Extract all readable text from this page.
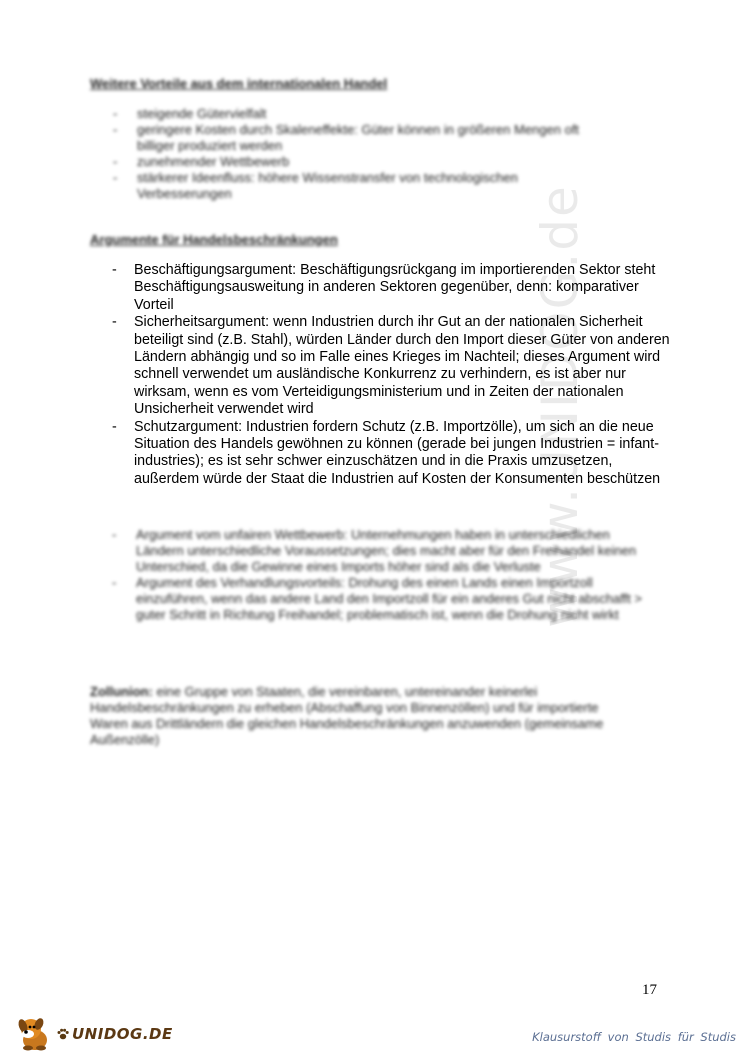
www.UNIDOG.de
Weitere Vorteile aus dem internationalen Handel
- steigende Gütervielfalt
- geringere Kosten durch Skaleneffekte: Güter können in größeren Mengen oft billiger produziert werden
- zunehmender Wettbewerb
- stärkerer Ideenfluss: höhere Wissenstransfer von technologischen Verbesserungen
Argumente für Handelsbeschränkungen
- Beschäftigungsargument: Beschäftigungsrückgang im importierenden Sektor steht Beschäftigungsausweitung in anderen Sektoren gegenüber, denn: komparativer Vorteil
- Sicherheitsargument: wenn Industrien durch ihr Gut an der nationalen Sicherheit beteiligt sind (z.B. Stahl), würden Länder durch den Import dieser Güter von anderen Ländern abhängig und so im Falle eines Krieges im Nachteil; dieses Argument wird schnell verwendet um ausländische Konkurrenz zu verhindern, es ist aber nur wirksam, wenn es vom Verteidigungsministerium und in Zeiten der nationalen Unsicherheit verwendet wird
- Schutzargument: Industrien fordern Schutz (z.B. Importzölle), um sich an die neue Situation des Handels gewöhnen zu können (gerade bei jungen Industrien = infant-industries); es ist sehr schwer einzuschätzen und in die Praxis umzusetzen, außerdem würde der Staat die Industrien auf Kosten der Konsumenten beschützen
- Argument vom unfairen Wettbewerb: Unternehmungen haben in unterschiedlichen Ländern unterschiedliche Voraussetzungen; dies macht aber für den Freihandel keinen Unterschied, da die Gewinne eines Imports höher sind als die Verluste
- Argument des Verhandlungsvorteils: Drohung des einen Lands einen Importzoll einzuführen, wenn das andere Land den Importzoll für ein anderes Gut nicht abschafft > guter Schritt in Richtung Freihandel; problematisch ist, wenn die Drohung nicht wirkt
Zollunion: eine Gruppe von Staaten, die vereinbaren, untereinander keinerlei Handelsbeschränkungen zu erheben (Abschaffung von Binnenzöllen) und für importierte Waren aus Drittländern die gleichen Handelsbeschränkungen anzuwenden (gemeinsame Außenzölle)
17
UNIDOG.DE	Klausurstoff von Studis für Studis
